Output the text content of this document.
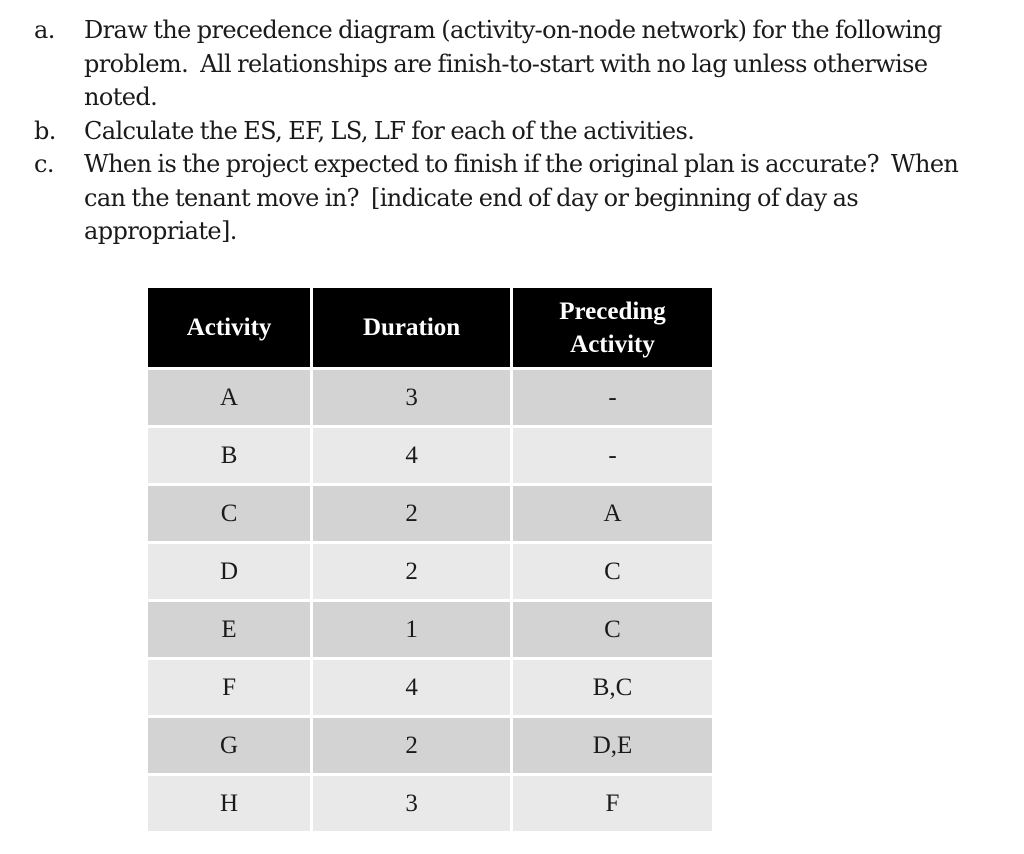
a.	Draw the precedence diagram (activity-on-node network) for the following
problem.  All relationships are finish-to-start with no lag unless otherwise
noted.
b.	Calculate the ES, EF, LS, LF for each of the activities.
c.	When is the project expected to finish if the original plan is accurate?  When
can the tenant move in?  [indicate end of day or beginning of day as
appropriate].
Activity	Duration	Preceding
Activity
A	3	-
B	4	-
C	2	A
D	2	C
E	1	C
F	4	B,C
G	2	D,E
H	3	F
